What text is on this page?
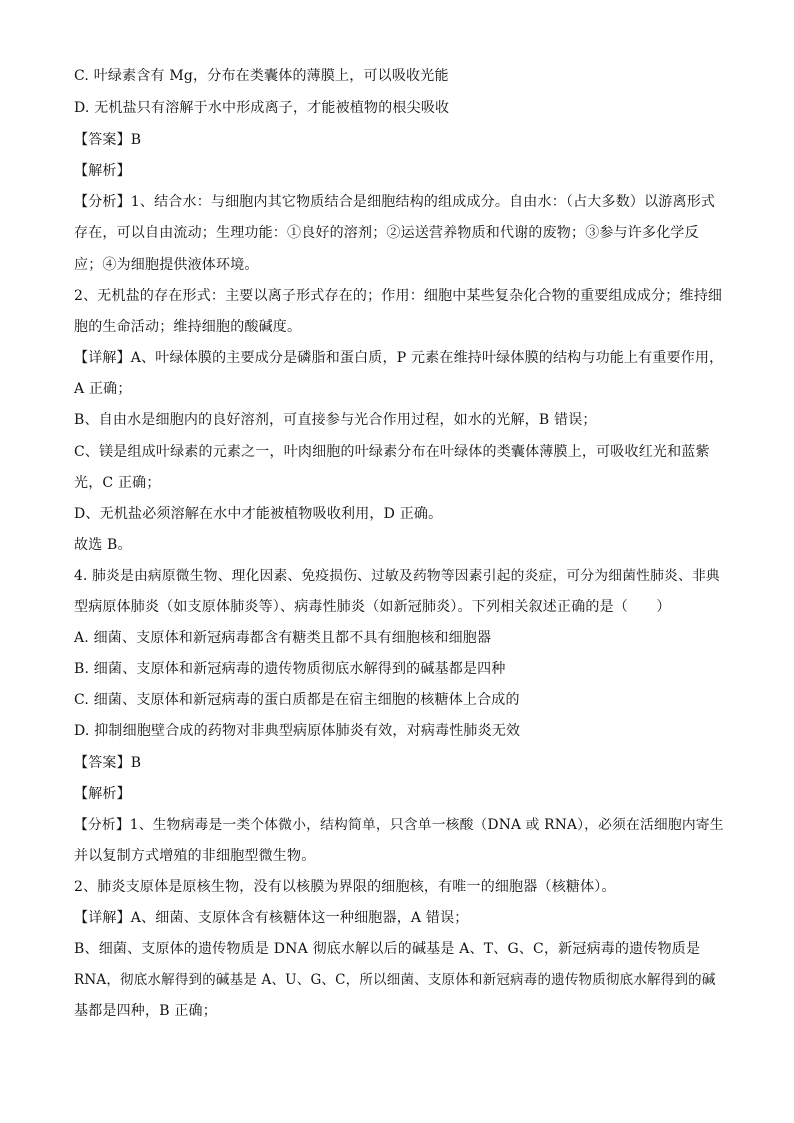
C. 叶绿素含有 Mg，分布在类囊体的薄膜上，可以吸收光能
D. 无机盐只有溶解于水中形成离子，才能被植物的根尖吸收
【答案】B
【解析】
【分析】1、结合水：与细胞内其它物质结合是细胞结构的组成成分。自由水：（占大多数）以游离形式
存在，可以自由流动；生理功能：①良好的溶剂；②运送营养物质和代谢的废物；③参与许多化学反
应；④为细胞提供液体环境。
2、无机盐的存在形式：主要以离子形式存在的；作用：细胞中某些复杂化合物的重要组成成分；维持细
胞的生命活动；维持细胞的酸碱度。
【详解】A、叶绿体膜的主要成分是磷脂和蛋白质，P 元素在维持叶绿体膜的结构与功能上有重要作用，
A 正确；
B、自由水是细胞内的良好溶剂，可直接参与光合作用过程，如水的光解，B 错误；
C、镁是组成叶绿素的元素之一，叶肉细胞的叶绿素分布在叶绿体的类囊体薄膜上，可吸收红光和蓝紫
光，C 正确；
D、无机盐必须溶解在水中才能被植物吸收利用，D 正确。
故选 B。
4. 肺炎是由病原微生物、理化因素、免疫损伤、过敏及药物等因素引起的炎症，可分为细菌性肺炎、非典
型病原体肺炎（如支原体肺炎等）、病毒性肺炎（如新冠肺炎）。下列相关叙述正确的是（　　）
A. 细菌、支原体和新冠病毒都含有糖类且都不具有细胞核和细胞器
B. 细菌、支原体和新冠病毒的遗传物质彻底水解得到的碱基都是四种
C. 细菌、支原体和新冠病毒的蛋白质都是在宿主细胞的核糖体上合成的
D. 抑制细胞壁合成的药物对非典型病原体肺炎有效，对病毒性肺炎无效
【答案】B
【解析】
【分析】1、生物病毒是一类个体微小，结构简单，只含单一核酸（DNA 或 RNA），必须在活细胞内寄生
并以复制方式增殖的非细胞型微生物。
2、肺炎支原体是原核生物，没有以核膜为界限的细胞核，有唯一的细胞器（核糖体）。
【详解】A、细菌、支原体含有核糖体这一种细胞器，A 错误；
B、细菌、支原体的遗传物质是 DNA 彻底水解以后的碱基是 A、T、G、C，新冠病毒的遗传物质是
RNA，彻底水解得到的碱基是 A、U、G、C，所以细菌、支原体和新冠病毒的遗传物质彻底水解得到的碱
基都是四种，B 正确；
